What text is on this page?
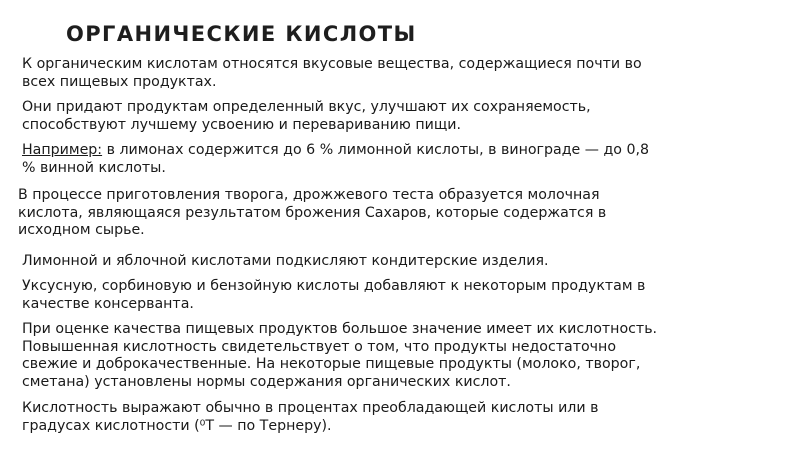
ОРГАНИЧЕСКИЕ КИСЛОТЫ

К органическим кислотам относятся вкусовые вещества, содержащиеся почти во
всех пищевых продуктах.

Они придают продуктам определенный вкус, улучшают их сохраняемость,
способствуют лучшему усвоению и перевариванию пищи.

Например: в лимонах содержится до 6 % лимонной кислоты, в винограде — до 0,8
% винной кислоты.

В процессе приготовления творога, дрожжевого теста образуется молочная
кислота, являющаяся результатом брожения Сахаров, которые содержатся в
исходном сырье.

Лимонной и яблочной кислотами подкисляют кондитерские изделия.

Уксусную, сорбиновую и бензойную кислоты добавляют к некоторым продуктам в
качестве консерванта.

При оценке качества пищевых продуктов большое значение имеет их кислотность.
Повышенная кислотность свидетельствует о том, что продукты недостаточно
свежие и доброкачественные. На некоторые пищевые продукты (молоко, творог,
сметана) установлены нормы содержания органических кислот.

Кислотность выражают обычно в процентах преобладающей кислоты или в
градусах кислотности (⁰Т — по Тернеру).
